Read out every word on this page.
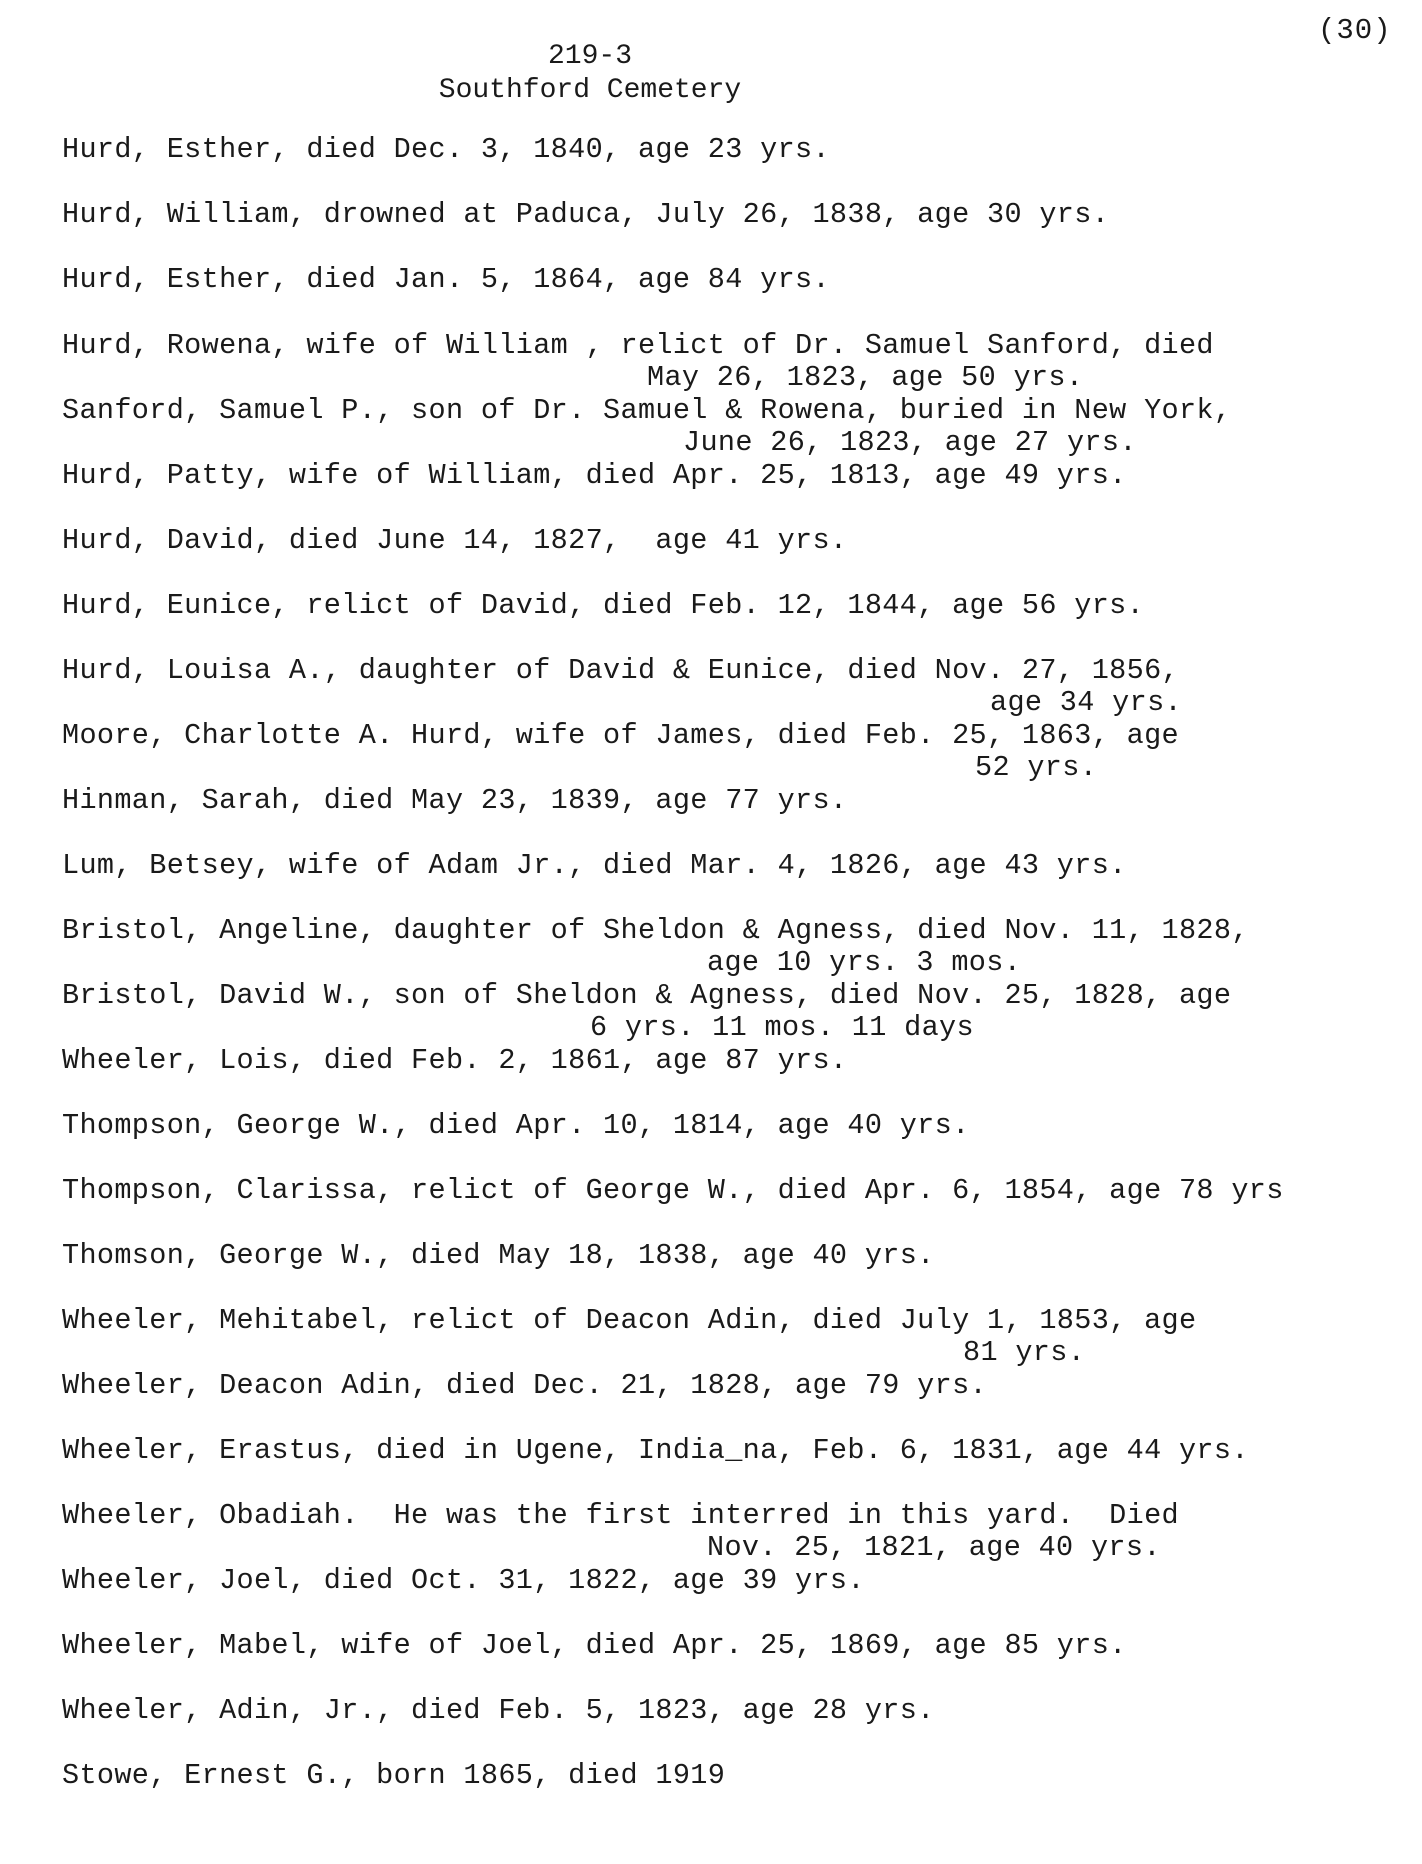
(30)
219-3
Southford Cemetery
Hurd, Esther, died Dec. 3, 1840, age 23 yrs.
Hurd, William, drowned at Paduca, July 26, 1838, age 30 yrs.
Hurd, Esther, died Jan. 5, 1864, age 84 yrs.
Hurd, Rowena, wife of William , relict of Dr. Samuel Sanford, died
May 26, 1823, age 50 yrs.
Sanford, Samuel P., son of Dr. Samuel & Rowena, buried in New York,
June 26, 1823, age 27 yrs.
Hurd, Patty, wife of William, died Apr. 25, 1813, age 49 yrs.
Hurd, David, died June 14, 1827,  age 41 yrs.
Hurd, Eunice, relict of David, died Feb. 12, 1844, age 56 yrs.
Hurd, Louisa A., daughter of David & Eunice, died Nov. 27, 1856,
age 34 yrs.
Moore, Charlotte A. Hurd, wife of James, died Feb. 25, 1863, age
52 yrs.
Hinman, Sarah, died May 23, 1839, age 77 yrs.
Lum, Betsey, wife of Adam Jr., died Mar. 4, 1826, age 43 yrs.
Bristol, Angeline, daughter of Sheldon & Agness, died Nov. 11, 1828,
age 10 yrs. 3 mos.
Bristol, David W., son of Sheldon & Agness, died Nov. 25, 1828, age
6 yrs. 11 mos. 11 days
Wheeler, Lois, died Feb. 2, 1861, age 87 yrs.
Thompson, George W., died Apr. 10, 1814, age 40 yrs.
Thompson, Clarissa, relict of George W., died Apr. 6, 1854, age 78 yrs
Thomson, George W., died May 18, 1838, age 40 yrs.
Wheeler, Mehitabel, relict of Deacon Adin, died July 1, 1853, age
81 yrs.
Wheeler, Deacon Adin, died Dec. 21, 1828, age 79 yrs.
Wheeler, Erastus, died in Ugene, India_na, Feb. 6, 1831, age 44 yrs.
Wheeler, Obadiah.  He was the first interred in this yard.  Died
Nov. 25, 1821, age 40 yrs.
Wheeler, Joel, died Oct. 31, 1822, age 39 yrs.
Wheeler, Mabel, wife of Joel, died Apr. 25, 1869, age 85 yrs.
Wheeler, Adin, Jr., died Feb. 5, 1823, age 28 yrs.
Stowe, Ernest G., born 1865, died 1919
